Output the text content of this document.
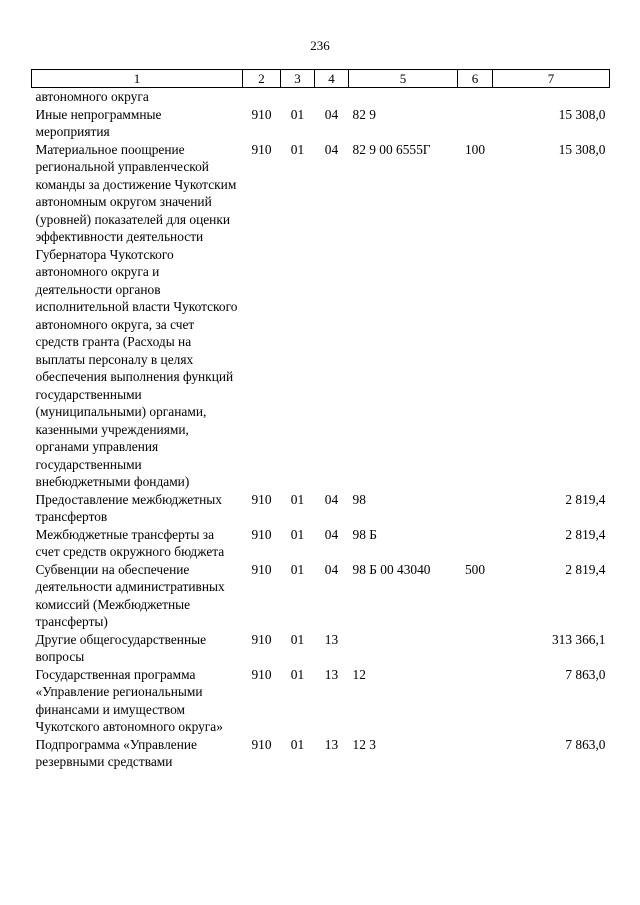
236
1	2	3	4	5	6	7
автономного округа						
Иные непрограммные мероприятия	910	01	04	82 9		15 308,0
Материальное поощрение региональной управленческой команды за достижение Чукотским автономным округом значений (уровней) показателей для оценки эффективности деятельности Губернатора Чукотского автономного округа и деятельности органов исполнительной власти Чукотского автономного округа, за счет средств гранта (Расходы на выплаты персоналу в целях обеспечения выполнения функций государственными (муниципальными) органами, казенными учреждениями, органами управления государственными внебюджетными фондами)	910	01	04	82 9 00 6555Г	100	15 308,0
Предоставление межбюджетных трансфертов	910	01	04	98		2 819,4
Межбюджетные трансферты за счет средств окружного бюджета	910	01	04	98 Б		2 819,4
Субвенции на обеспечение деятельности административных комиссий (Межбюджетные трансферты)	910	01	04	98 Б 00 43040	500	2 819,4
Другие общегосударственные вопросы	910	01	13			313 366,1
Государственная программа «Управление региональными финансами и имуществом Чукотского автономного округа»	910	01	13	12		7 863,0
Подпрограмма «Управление резервными средствами	910	01	13	12 3		7 863,0
